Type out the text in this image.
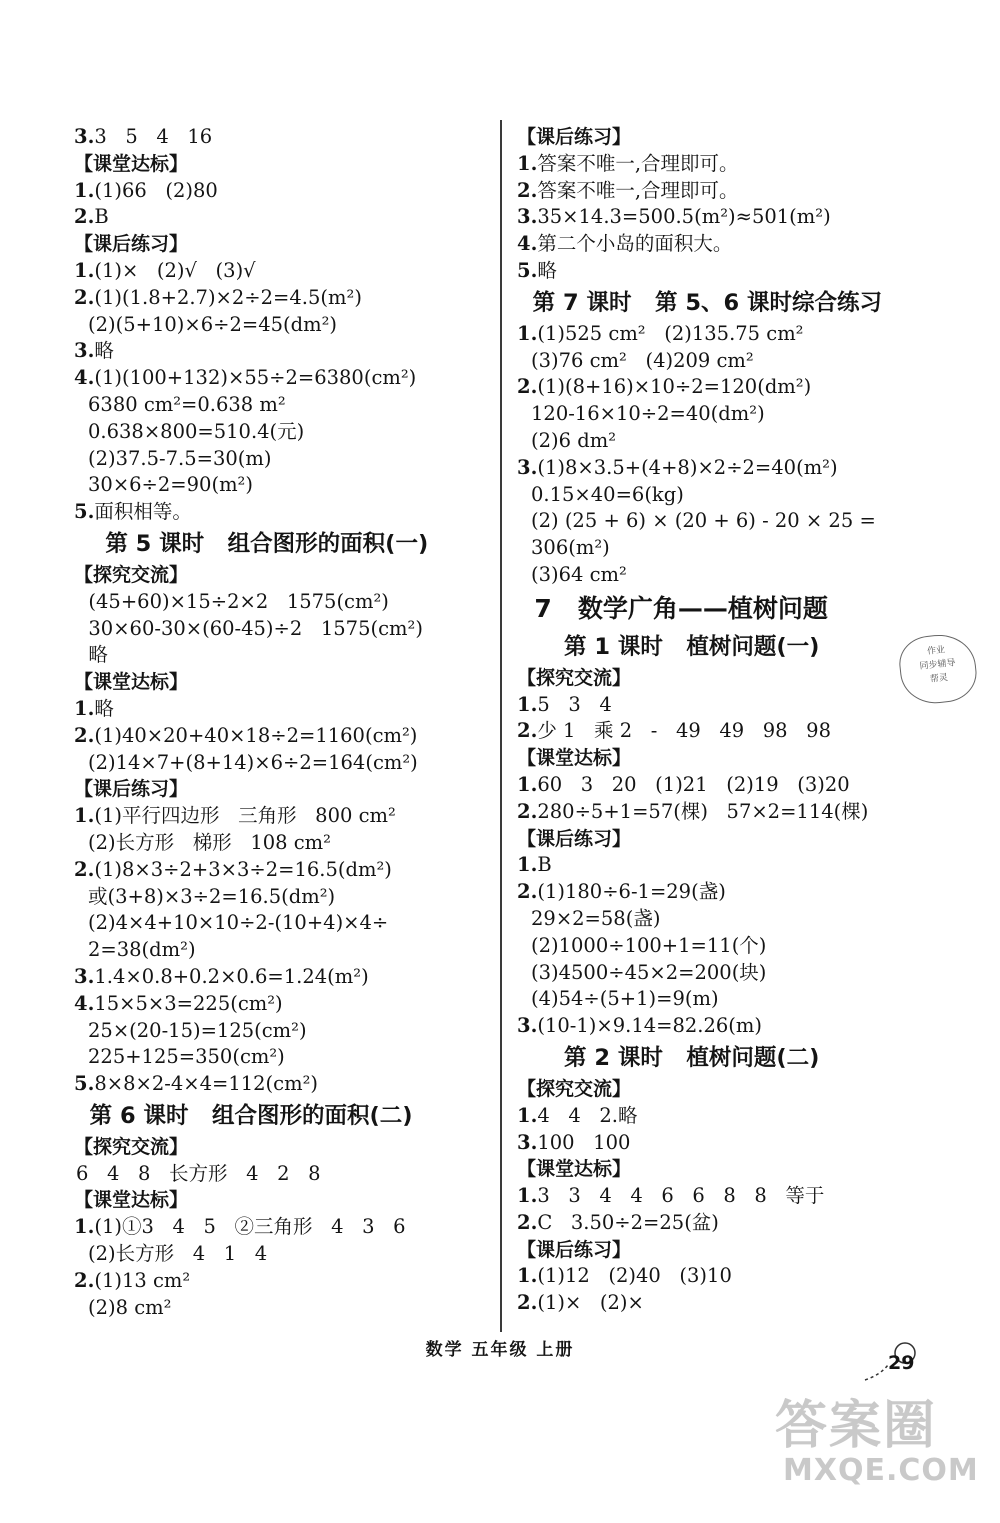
3.3   5   4   16
【课堂达标】
1.(1)66   (2)80
2.B
【课后练习】
1.(1)×   (2)√   (3)√
2.(1)(1.8+2.7)×2÷2=4.5(m²)
(2)(5+10)×6÷2=45(dm²)
3.略
4.(1)(100+132)×55÷2=6380(cm²)
6380 cm²=0.638 m²
0.638×800=510.4(元)
(2)37.5-7.5=30(m)
30×6÷2=90(m²)
5.面积相等。
第 5 课时   组合图形的面积(一)
【探究交流】
(45+60)×15÷2×2   1575(cm²)
30×60-30×(60-45)÷2   1575(cm²)
略
【课堂达标】
1.略
2.(1)40×20+40×18÷2=1160(cm²)
(2)14×7+(8+14)×6÷2=164(cm²)
【课后练习】
1.(1)平行四边形   三角形   800 cm²
(2)长方形   梯形   108 cm²
2.(1)8×3÷2+3×3÷2=16.5(dm²)
或(3+8)×3÷2=16.5(dm²)
(2)4×4+10×10÷2-(10+4)×4÷
2=38(dm²)
3.1.4×0.8+0.2×0.6=1.24(m²)
4.15×5×3=225(cm²)
25×(20-15)=125(cm²)
225+125=350(cm²)
5.8×8×2-4×4=112(cm²)
第 6 课时   组合图形的面积(二)
【探究交流】
6   4   8   长方形   4   2   8
【课堂达标】
1.(1)①3   4   5   ②三角形   4   3   6
(2)长方形   4   1   4
2.(1)13 cm²
(2)8 cm²
【课后练习】
1.答案不唯一,合理即可。
2.答案不唯一,合理即可。
3.35×14.3=500.5(m²)≈501(m²)
4.第二个小岛的面积大。
5.略
第 7 课时   第 5、6 课时综合练习
1.(1)525 cm²   (2)135.75 cm²
(3)76 cm²   (4)209 cm²
2.(1)(8+16)×10÷2=120(dm²)
120-16×10÷2=40(dm²)
(2)6 dm²
3.(1)8×3.5+(4+8)×2÷2=40(m²)
0.15×40=6(kg)
(2) (25 + 6) × (20 + 6) - 20 × 25 =
306(m²)
(3)64 cm²
7   数学广角——植树问题
第 1 课时   植树问题(一)
【探究交流】
1.5   3   4
2.少 1   乘 2   -   49   49   98   98
【课堂达标】
1.60   3   20   (1)21   (2)19   (3)20
2.280÷5+1=57(棵)   57×2=114(棵)
【课后练习】
1.B
2.(1)180÷6-1=29(盏)
29×2=58(盏)
(2)1000÷100+1=11(个)
(3)4500÷45×2=200(块)
(4)54÷(5+1)=9(m)
3.(10-1)×9.14=82.26(m)
第 2 课时   植树问题(二)
【探究交流】
1.4   4   2.略
3.100   100
【课堂达标】
1.3   3   4   4   6   6   8   8   等于
2.C   3.50÷2=25(盆)
【课后练习】
1.(1)12   (2)40   (3)10
2.(1)×   (2)×
作业
同步辅导
帮灵
数学 五年级 上册
29
答案圈
MXQE.COM
